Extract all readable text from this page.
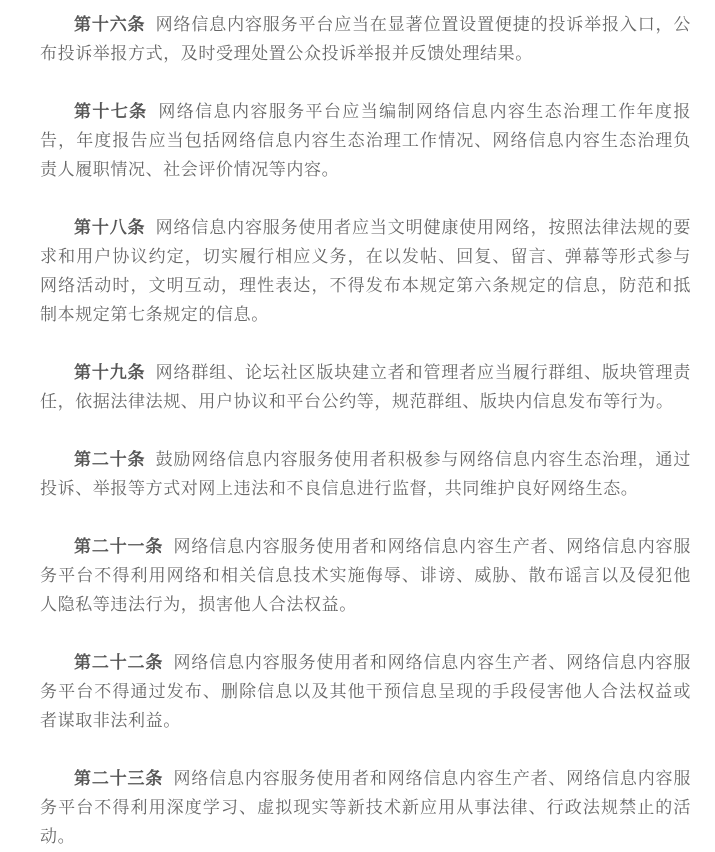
第十六条 网络信息内容服务平台应当在显著位置设置便捷的投诉举报入口，公布投诉举报方式，及时受理处置公众投诉举报并反馈处理结果。

第十七条 网络信息内容服务平台应当编制网络信息内容生态治理工作年度报告，年度报告应当包括网络信息内容生态治理工作情况、网络信息内容生态治理负责人履职情况、社会评价情况等内容。

第十八条 网络信息内容服务使用者应当文明健康使用网络，按照法律法规的要求和用户协议约定，切实履行相应义务，在以发帖、回复、留言、弹幕等形式参与网络活动时，文明互动，理性表达，不得发布本规定第六条规定的信息，防范和抵制本规定第七条规定的信息。

第十九条 网络群组、论坛社区版块建立者和管理者应当履行群组、版块管理责任，依据法律法规、用户协议和平台公约等，规范群组、版块内信息发布等行为。

第二十条 鼓励网络信息内容服务使用者积极参与网络信息内容生态治理，通过投诉、举报等方式对网上违法和不良信息进行监督，共同维护良好网络生态。

第二十一条 网络信息内容服务使用者和网络信息内容生产者、网络信息内容服务平台不得利用网络和相关信息技术实施侮辱、诽谤、威胁、散布谣言以及侵犯他人隐私等违法行为，损害他人合法权益。

第二十二条 网络信息内容服务使用者和网络信息内容生产者、网络信息内容服务平台不得通过发布、删除信息以及其他干预信息呈现的手段侵害他人合法权益或者谋取非法利益。

第二十三条 网络信息内容服务使用者和网络信息内容生产者、网络信息内容服务平台不得利用深度学习、虚拟现实等新技术新应用从事法律、行政法规禁止的活动。
